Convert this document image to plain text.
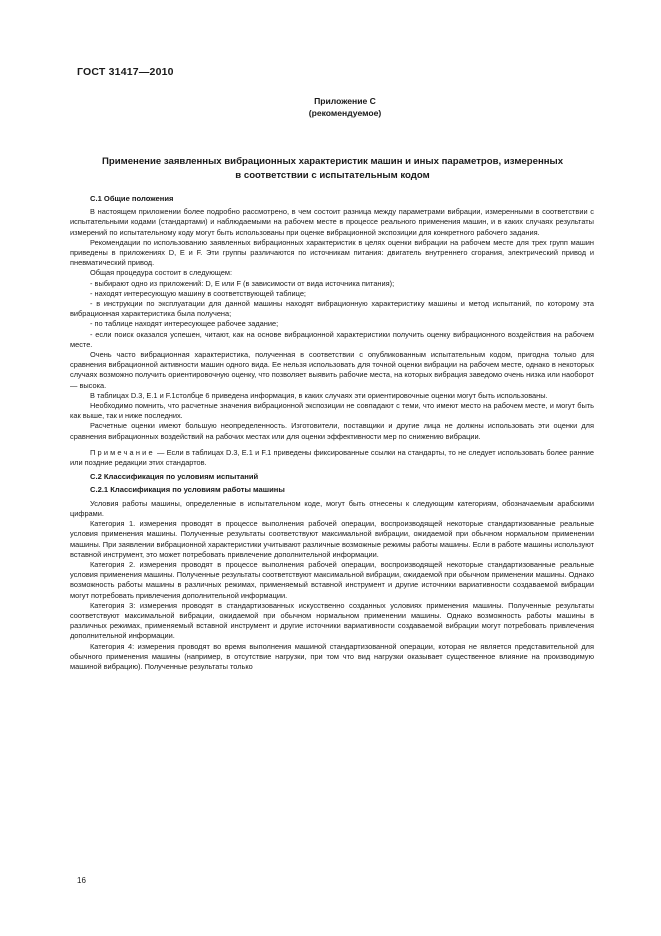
ГОСТ 31417—2010
Приложение С
(рекомендуемое)
Применение заявленных вибрационных характеристик машин и иных параметров, измеренных
в соответствии с испытательным кодом

С.1 Общие положения

В настоящем приложении более подробно рассмотрено, в чем состоит разница между параметрами вибрации, измеренными в соответствии с испытательными кодами (стандартами) и наблюдаемыми на рабочем месте в процессе реального применения машин, и в каких случаях результаты измерений по испытательному коду могут быть использованы при оценке вибрационной экспозиции для конкретного рабочего задания.

Рекомендации по использованию заявленных вибрационных характеристик в целях оценки вибрации на рабочем месте для трех групп машин приведены в приложениях D, Е и F. Эти группы различаются по источникам питания: двигатель внутреннего сгорания, электрический привод и пневматический привод.

Общая процедура состоит в следующем:

- выбирают одно из приложений: D, Е или F (в зависимости от вида источника питания);

- находят интересующую машину в соответствующей таблице;

- в инструкции по эксплуатации для данной машины находят вибрационную характеристику машины и метод испытаний, по которому эта вибрационная характеристика была получена;

- по таблице находят интересующее рабочее задание;

- если поиск оказался успешен, читают, как на основе вибрационной характеристики получить оценку вибрационного воздействия на рабочем месте.

Очень часто вибрационная характеристика, полученная в соответствии с опубликованным испытательным кодом, пригодна только для сравнения вибрационной активности машин одного вида. Ее нельзя использовать для точной оценки вибрации на рабочем месте, однако в некоторых случаях возможно получить ориентировочную оценку, что позволяет выявить рабочие места, на которых вибрация заведомо очень низка или наоборот — высока.

В таблицах D.3, Е.1 и F.1столбце 6 приведена информация, в каких случаях эти ориентировочные оценки могут быть использованы.

Необходимо помнить, что расчетные значения вибрационной экспозиции не совпадают с теми, что имеют место на рабочем месте, и могут быть как выше, так и ниже последних.

Расчетные оценки имеют большую неопределенность. Изготовители, поставщики и другие лица не должны использовать эти оценки для сравнения вибрационных воздействий на рабочих местах или для оценки эффективности мер по снижению вибрации.

Примечание — Если в таблицах D.3, Е.1 и F.1 приведены фиксированные ссылки на стандарты, то не следует использовать более ранние или поздние редакции этих стандартов.

С.2 Классификация по условиям испытаний

С.2.1 Классификация по условиям работы машины

Условия работы машины, определенные в испытательном коде, могут быть отнесены к следующим категориям, обозначаемым арабскими цифрами.

Категория 1. измерения проводят в процессе выполнения рабочей операции, воспроизводящей некоторые стандартизованные реальные условия применения машины. Полученные результаты соответствуют максимальной вибрации, ожидаемой при обычном нормальном применении машины. При заявлении вибрационной характеристики учитывают различные возможные режимы работы машины. Если в работе машины используют вставной инструмент, это может потребовать привлечение дополнительной информации.

Категория 2. измерения проводят в процессе выполнения рабочей операции, воспроизводящей некоторые стандартизованные реальные условия применения машины. Полученные результаты соответствуют максимальной вибрации, ожидаемой при обычном применении машины. Однако возможность работы машины в различных режимах, применяемый вставной инструмент и другие источники вариативности создаваемой вибрации могут потребовать привлечения дополнительной информации.

Категория 3: измерения проводят в стандартизованных искусственно созданных условиях применения машины. Полученные результаты соответствуют максимальной вибрации, ожидаемой при обычном нормальном применении машины. Однако возможность работы машины в различных режимах, применяемый вставной инструмент и другие источники вариативности создаваемой вибрации могут потребовать привлечения дополнительной информации.

Категория 4: измерения проводят во время выполнения машиной стандартизованной операции, которая не является представительной для обычного применения машины (например, в отсутствие нагрузки, при том что вид нагрузки оказывает существенное влияние на производимую машиной вибрацию). Полученные результаты только

16
